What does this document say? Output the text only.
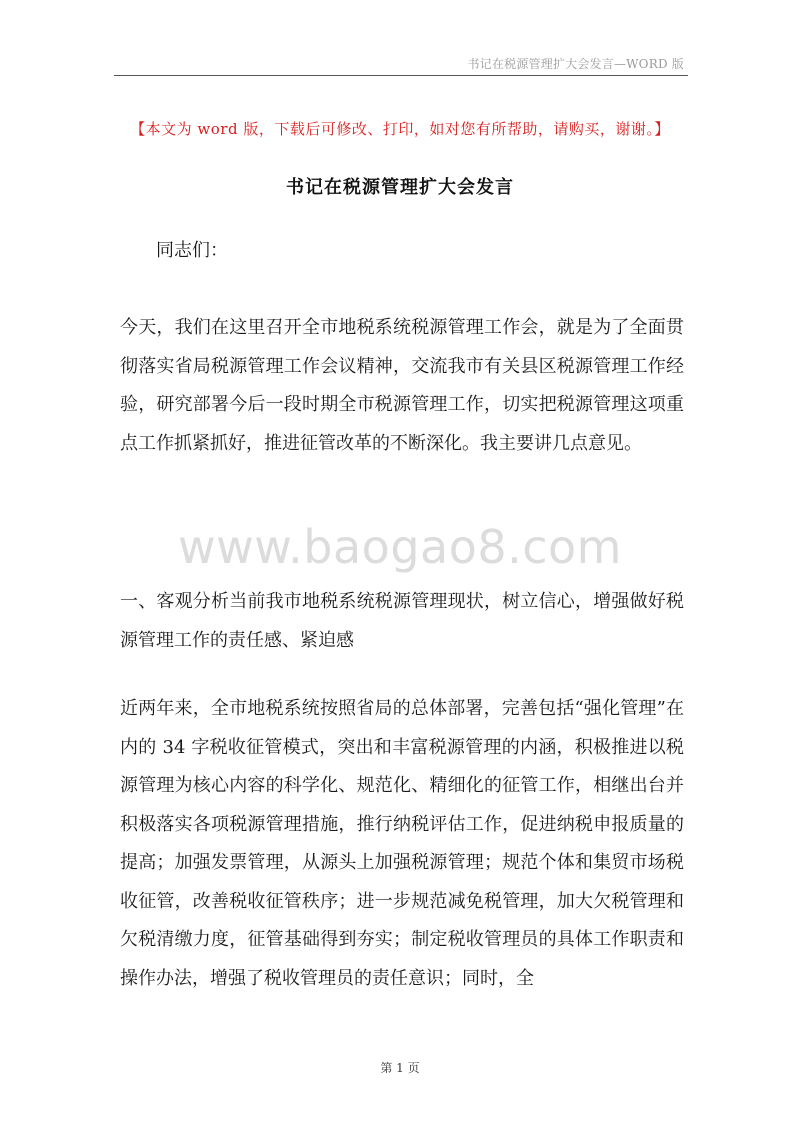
书记在税源管理扩大会发言—WORD 版
【本文为 word 版，下载后可修改、打印，如对您有所帮助，请购买，谢谢。】
书记在税源管理扩大会发言
同志们：
今天，我们在这里召开全市地税系统税源管理工作会，就是为了全面贯彻落实省局税源管理工作会议精神，交流我市有关县区税源管理工作经验，研究部署今后一段时期全市税源管理工作，切实把税源管理这项重点工作抓紧抓好，推进征管改革的不断深化。我主要讲几点意见。
www.baogao8.com
一、客观分析当前我市地税系统税源管理现状，树立信心，增强做好税源管理工作的责任感、紧迫感
近两年来，全市地税系统按照省局的总体部署，完善包括“强化管理”在内的 34 字税收征管模式，突出和丰富税源管理的内涵，积极推进以税源管理为核心内容的科学化、规范化、精细化的征管工作，相继出台并积极落实各项税源管理措施，推行纳税评估工作，促进纳税申报质量的提高；加强发票管理，从源头上加强税源管理；规范个体和集贸市场税收征管，改善税收征管秩序；进一步规范减免税管理，加大欠税管理和欠税清缴力度，征管基础得到夯实；制定税收管理员的具体工作职责和操作办法，增强了税收管理员的责任意识；同时，全
第 1 页
